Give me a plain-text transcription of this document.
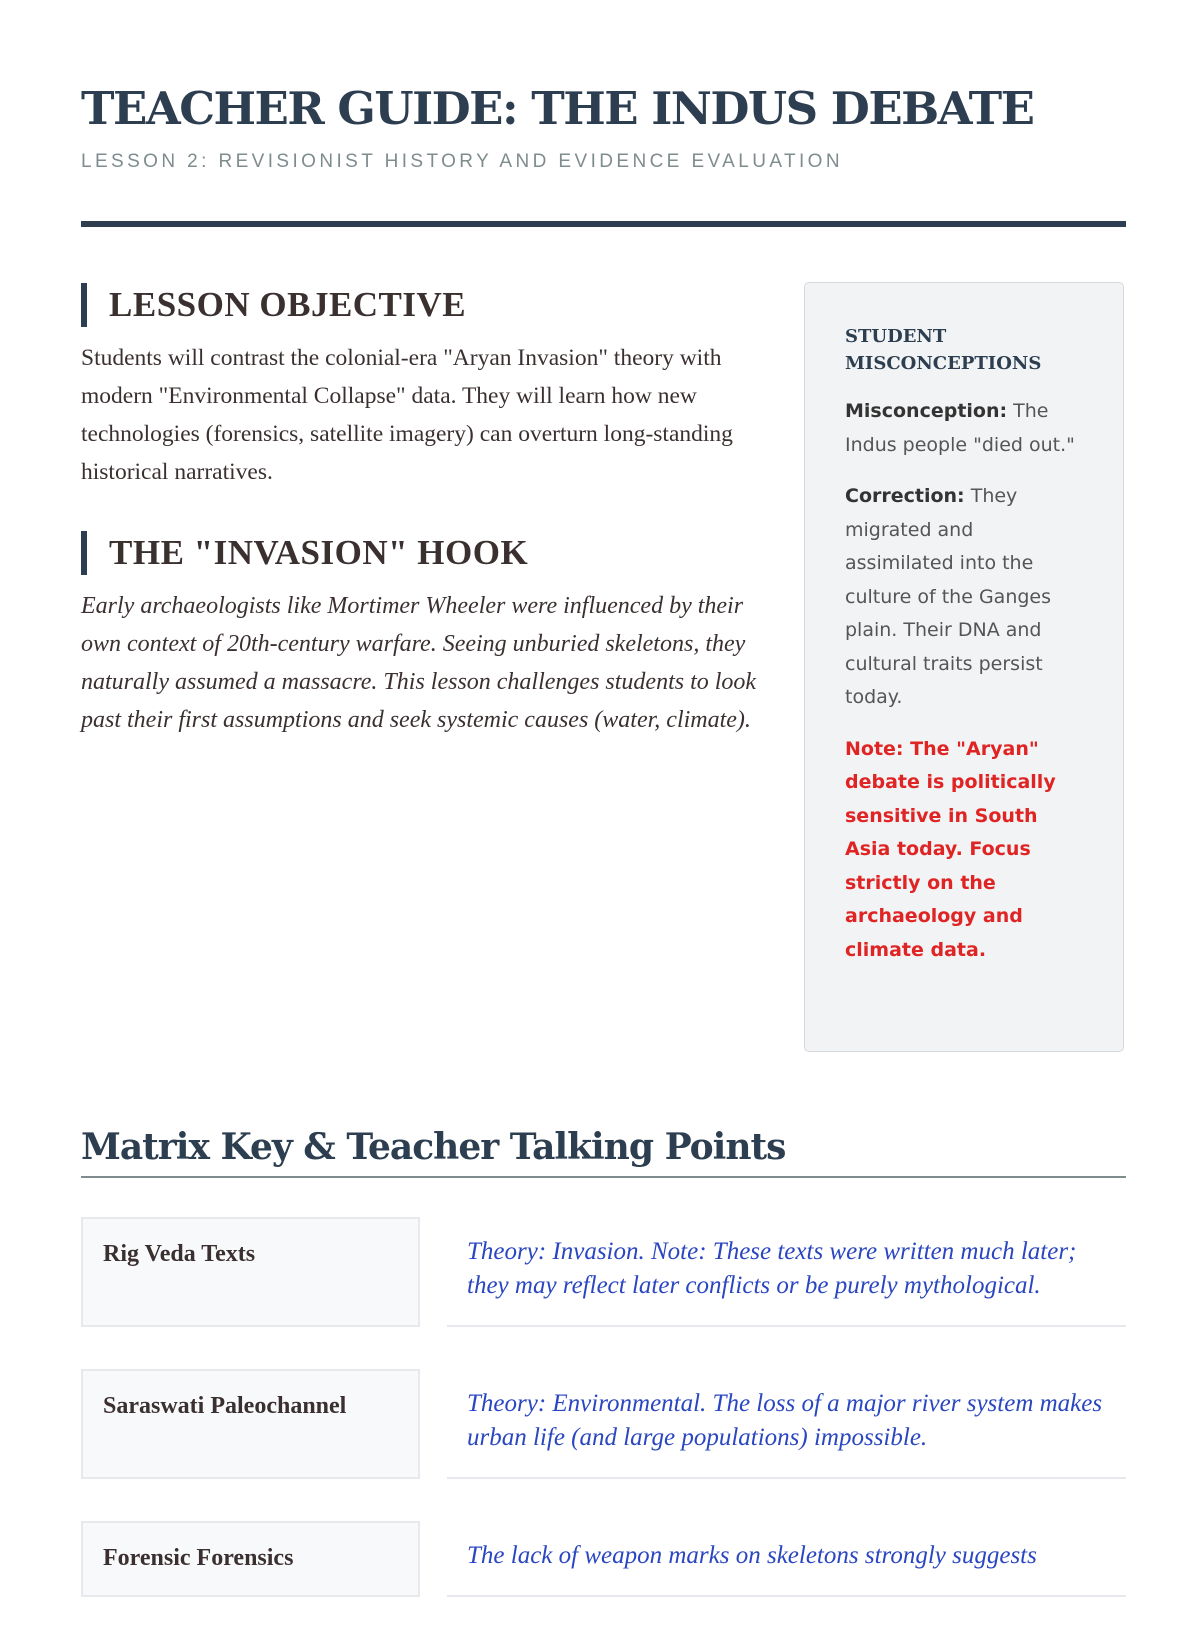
TEACHER GUIDE: THE INDUS DEBATE
LESSON 2: REVISIONIST HISTORY AND EVIDENCE EVALUATION
LESSON OBJECTIVE

Students will contrast the colonial-era "Aryan Invasion" theory with modern "Environmental Collapse" data. They will learn how new technologies (forensics, satellite imagery) can overturn long-standing historical narratives.

THE "INVASION" HOOK

Early archaeologists like Mortimer Wheeler were influenced by their own context of 20th-century warfare. Seeing unburied skeletons, they naturally assumed a massacre. This lesson challenges students to look past their first assumptions and seek systemic causes (water, climate).

STUDENT MISCONCEPTIONS

Misconception: The Indus people "died out."

Correction: They migrated and assimilated into the culture of the Ganges plain. Their DNA and cultural traits persist today.

Note: The "Aryan" debate is politically sensitive in South Asia today. Focus strictly on the archaeology and climate data.

Matrix Key & Teacher Talking Points
Rig Veda Texts	Theory: Invasion. Note: These texts were written much later; they may reflect later conflicts or be purely mythological.
Saraswati Paleochannel	Theory: Environmental. The loss of a major river system makes urban life (and large populations) impossible.
Forensic Forensics	The lack of weapon marks on skeletons strongly suggests
